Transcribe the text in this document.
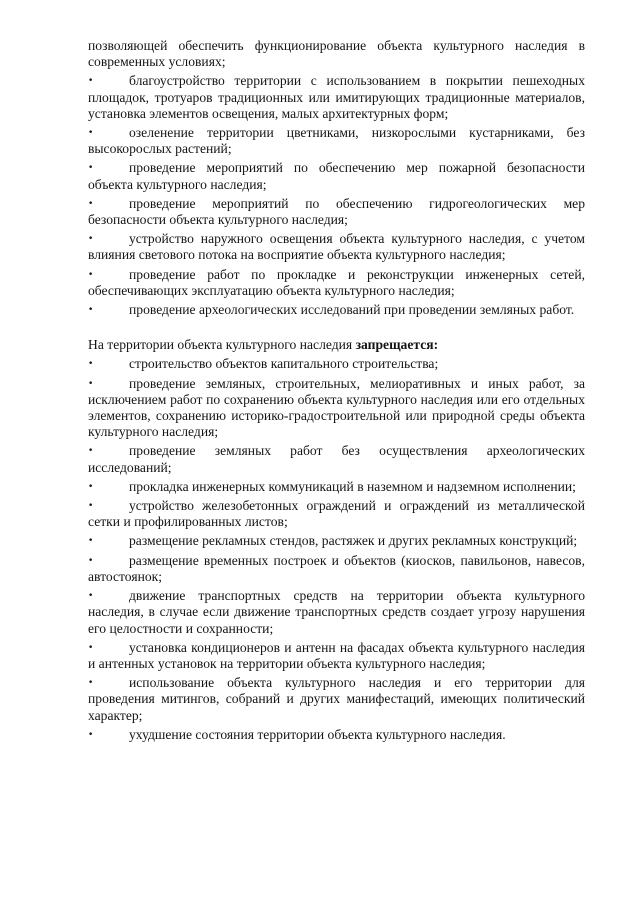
позволяющей обеспечить функционирование объекта культурного наследия в современных условиях;

•	благоустройство территории с использованием в покрытии пешеходных площадок, тротуаров традиционных или имитирующих традиционные материалов, установка элементов освещения, малых архитектурных форм;
•	озеленение территории цветниками, низкорослыми кустарниками, без высокорослых растений;
•	проведение мероприятий по обеспечению мер пожарной безопасности объекта культурного наследия;
•	проведение мероприятий по обеспечению гидрогеологических мер безопасности объекта культурного наследия;
•	устройство наружного освещения объекта культурного наследия, с учетом влияния светового потока на восприятие объекта культурного наследия;
•	проведение работ по прокладке и реконструкции инженерных сетей, обеспечивающих эксплуатацию объекта культурного наследия;
•	проведение археологических исследований при проведении земляных работ.

На территории объекта культурного наследия запрещается:

•	строительство объектов капитального строительства;
•	проведение земляных, строительных, мелиоративных и иных работ, за исключением работ по сохранению объекта культурного наследия или его отдельных элементов, сохранению историко-градостроительной или природной среды объекта культурного наследия;
•	проведение земляных работ без осуществления археологических исследований;
•	прокладка инженерных коммуникаций в наземном и надземном исполнении;
•	устройство железобетонных ограждений и ограждений из металлической сетки и профилированных листов;
•	размещение рекламных стендов, растяжек и других рекламных конструкций;
•	размещение временных построек и объектов (киосков, павильонов, навесов, автостоянок;
•	движение транспортных средств на территории объекта культурного наследия, в случае если движение транспортных средств создает угрозу нарушения его целостности и сохранности;
•	установка кондиционеров и антенн на фасадах объекта культурного наследия и антенных установок на территории объекта культурного наследия;
•	использование объекта культурного наследия и его территории для проведения митингов, собраний и других манифестаций, имеющих политический характер;
•	ухудшение состояния территории объекта культурного наследия.
